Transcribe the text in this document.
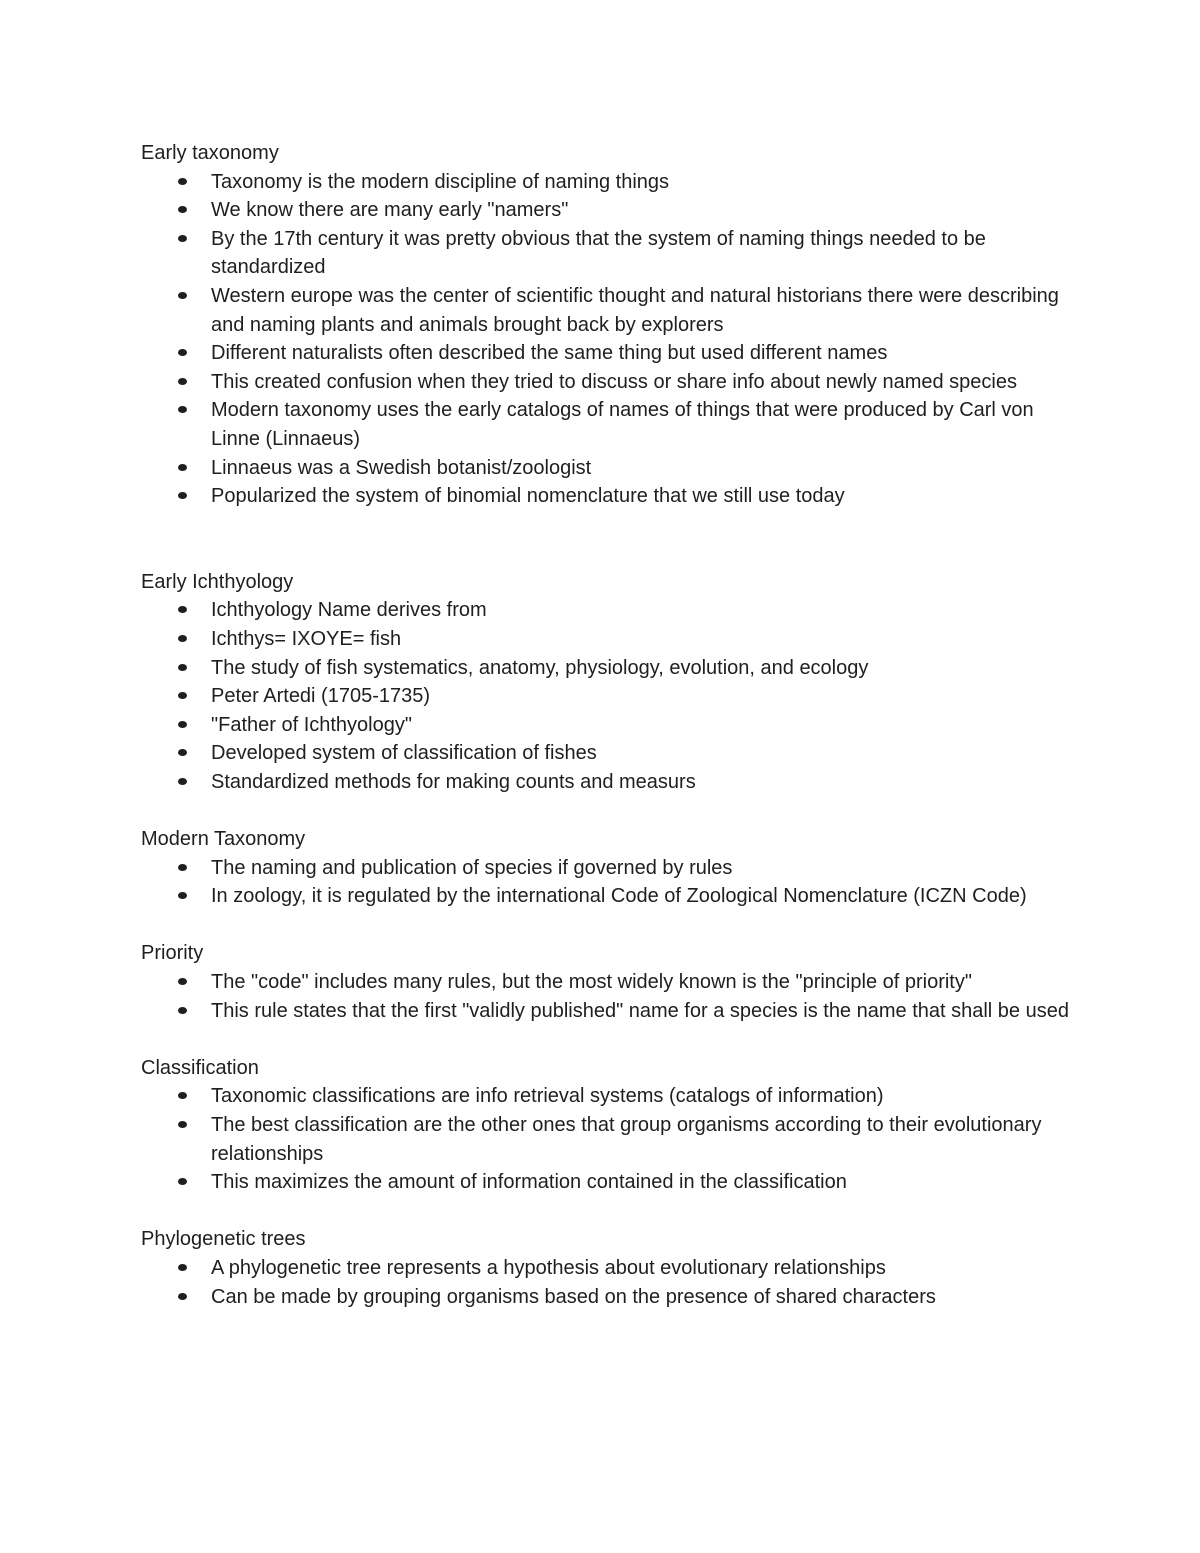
Early taxonomy

Taxonomy is the modern discipline of naming things
We know there are many early "namers"
By the 17th century it was pretty obvious that the system of naming things needed to be standardized
Western europe was the center of scientific thought and natural historians there were describing and naming plants and animals brought back by explorers
Different naturalists often described the same thing but used different names
This created confusion when they tried to discuss or share info about newly named species
Modern taxonomy uses the early catalogs of names of things that were produced by Carl von Linne (Linnaeus)
Linnaeus was a Swedish botanist/zoologist
Popularized the system of binomial nomenclature that we still use today

Early Ichthyology

Ichthyology Name derives from
Ichthys= IXOYE= fish
The study of fish systematics, anatomy, physiology, evolution, and ecology
Peter Artedi (1705-1735)
"Father of Ichthyology"
Developed system of classification of fishes
Standardized methods for making counts and measurs

Modern Taxonomy

The naming and publication of species if governed by rules
In zoology, it is regulated by the international Code of Zoological Nomenclature (ICZN Code)

Priority

The "code" includes many rules, but the most widely known is the "principle of priority"
This rule states that the first "validly published" name for a species is the name that shall be used

Classification

Taxonomic classifications are info retrieval systems (catalogs of information)
The best classification are the other ones that group organisms according to their evolutionary relationships
This maximizes the amount of information contained in the classification

Phylogenetic trees

A phylogenetic tree represents a hypothesis about evolutionary relationships
Can be made by grouping organisms based on the presence of shared characters
